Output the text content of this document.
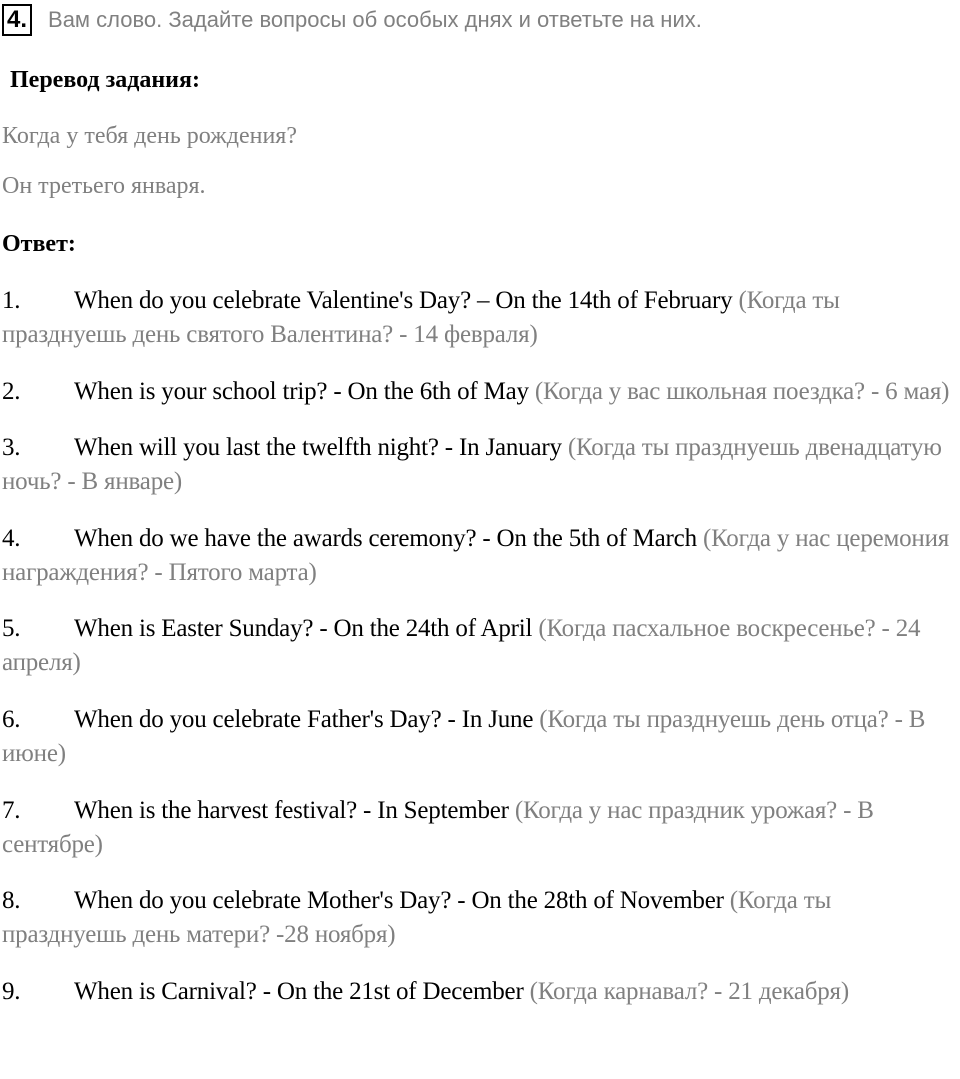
4. Вам слово. Задайте вопросы об особых днях и ответьте на них.
Перевод задания:
Когда у тебя день рождения?
Он третьего января.
Ответ:
1. When do you celebrate Valentine's Day? – On the 14th of February (Когда ты празднуешь день святого Валентина? - 14 февраля)
2. When is your school trip? - On the 6th of May (Когда у вас школьная поездка? - 6 мая)
3. When will you last the twelfth night? - In January (Когда ты празднуешь двенадцатую ночь? - В январе)
4. When do we have the awards ceremony? - On the 5th of March (Когда у нас церемония награждения? - Пятого марта)
5. When is Easter Sunday? - On the 24th of April (Когда пасхальное воскресенье? - 24 апреля)
6. When do you celebrate Father's Day? - In June (Когда ты празднуешь день отца? - В июне)
7. When is the harvest festival? - In September (Когда у нас праздник урожая? - В сентябре)
8. When do you celebrate Mother's Day? - On the 28th of November (Когда ты празднуешь день матери? -28 ноября)
9. When is Carnival? - On the 21st of December (Когда карнавал? - 21 декабря)
